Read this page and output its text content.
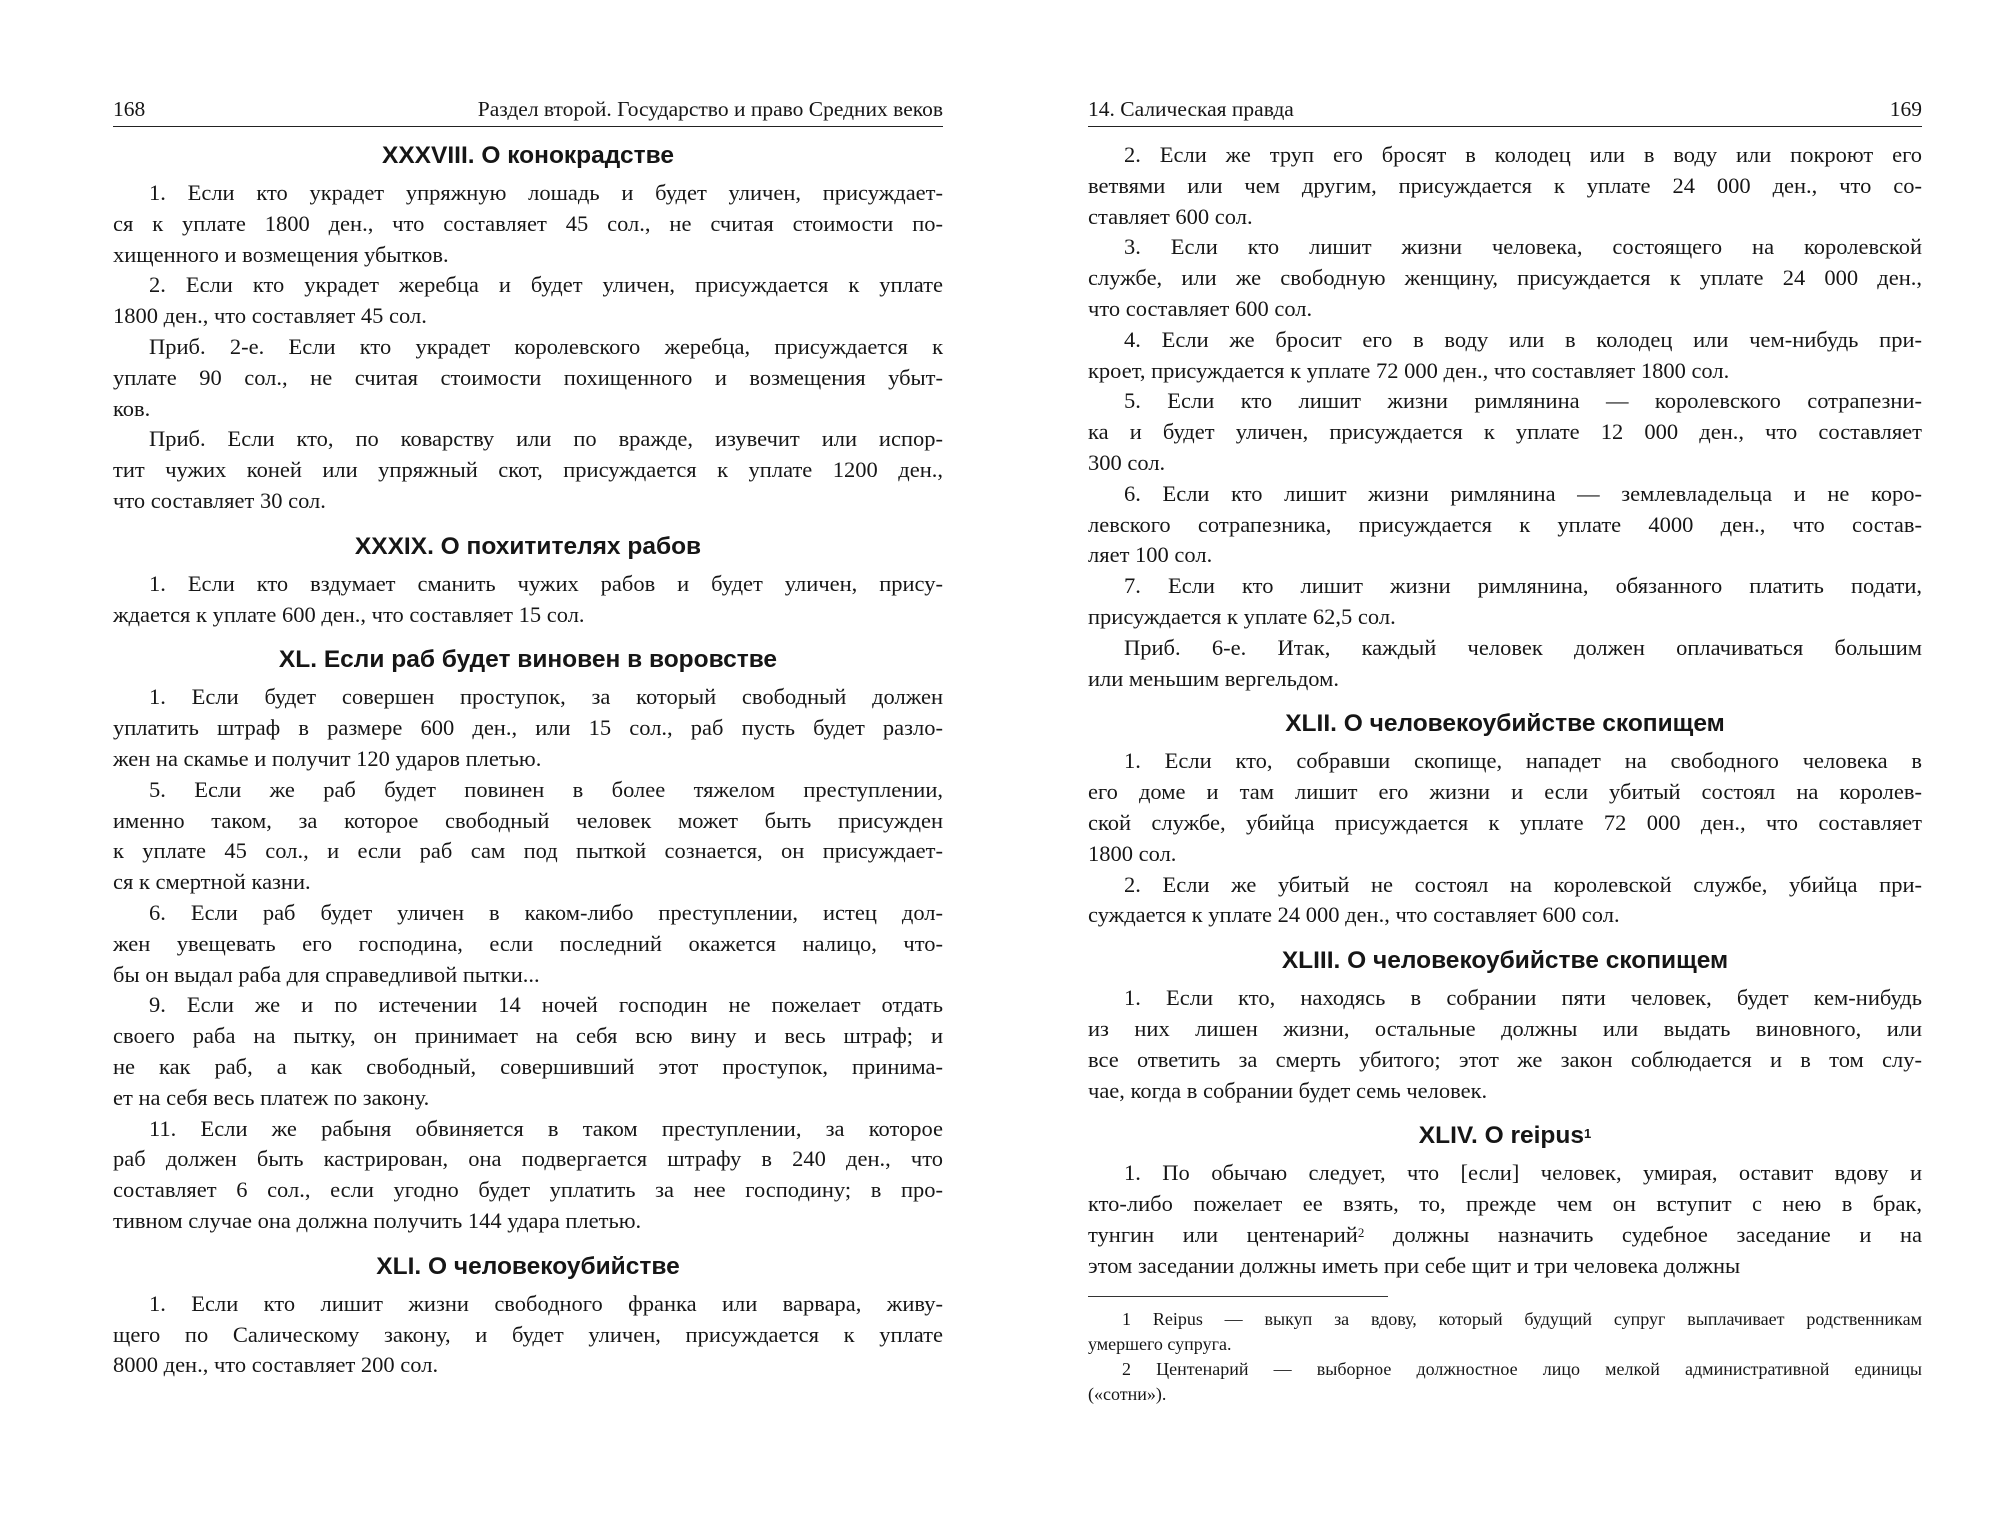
168	Раздел второй. Государство и право Средних веков
XXXVIII. О конокрадстве
1. Если кто украдет упряжную лошадь и будет уличен, присуждает-
ся к уплате 1800 ден., что составляет 45 сол., не считая стоимости по-
хищенного и возмещения убытков.
2. Если кто украдет жеребца и будет уличен, присуждается к уплате
1800 ден., что составляет 45 сол.
Приб. 2-е. Если кто украдет королевского жеребца, присуждается к
уплате 90 сол., не считая стоимости похищенного и возмещения убыт-
ков.
Приб. Если кто, по коварству или по вражде, изувечит или испор-
тит чужих коней или упряжный скот, присуждается к уплате 1200 ден.,
что составляет 30 сол.
XXXIX. О похитителях рабов
1. Если кто вздумает сманить чужих рабов и будет уличен, прису-
ждается к уплате 600 ден., что составляет 15 сол.
XL. Если раб будет виновен в воровстве
1. Если будет совершен проступок, за который свободный должен
уплатить штраф в размере 600 ден., или 15 сол., раб пусть будет разло-
жен на скамье и получит 120 ударов плетью.
5. Если же раб будет повинен в более тяжелом преступлении,
именно таком, за которое свободный человек может быть присужден
к уплате 45 сол., и если раб сам под пыткой сознается, он присуждает-
ся к смертной казни.
6. Если раб будет уличен в каком-либо преступлении, истец дол-
жен увещевать его господина, если последний окажется налицо, что-
бы он выдал раба для справедливой пытки...
9. Если же и по истечении 14 ночей господин не пожелает отдать
своего раба на пытку, он принимает на себя всю вину и весь штраф; и
не как раб, а как свободный, совершивший этот проступок, принима-
ет на себя весь платеж по закону.
11. Если же рабыня обвиняется в таком преступлении, за которое
раб должен быть кастрирован, она подвергается штрафу в 240 ден., что
составляет 6 сол., если угодно будет уплатить за нее господину; в про-
тивном случае она должна получить 144 удара плетью.
XLI. О человекоубийстве
1. Если кто лишит жизни свободного франка или варвара, живу-
щего по Салическому закону, и будет уличен, присуждается к уплате
8000 ден., что составляет 200 сол.
14. Салическая правда	169
2. Если же труп его бросят в колодец или в воду или покроют его
ветвями или чем другим, присуждается к уплате 24 000 ден., что со-
ставляет 600 сол.
3. Если кто лишит жизни человека, состоящего на королевской
службе, или же свободную женщину, присуждается к уплате 24 000 ден.,
что составляет 600 сол.
4. Если же бросит его в воду или в колодец или чем-нибудь при-
кроет, присуждается к уплате 72 000 ден., что составляет 1800 сол.
5. Если кто лишит жизни римлянина — королевского сотрапезни-
ка и будет уличен, присуждается к уплате 12 000 ден., что составляет
300 сол.
6. Если кто лишит жизни римлянина — землевладельца и не коро-
левского сотрапезника, присуждается к уплате 4000 ден., что состав-
ляет 100 сол.
7. Если кто лишит жизни римлянина, обязанного платить подати,
присуждается к уплате 62,5 сол.
Приб. 6-е. Итак, каждый человек должен оплачиваться большим
или меньшим вергельдом.
XLII. О человекоубийстве скопищем
1. Если кто, собравши скопище, нападет на свободного человека в
его доме и там лишит его жизни и если убитый состоял на королев-
ской службе, убийца присуждается к уплате 72 000 ден., что составляет
1800 сол.
2. Если же убитый не состоял на королевской службе, убийца при-
суждается к уплате 24 000 ден., что составляет 600 сол.
XLIII. О человекоубийстве скопищем
1. Если кто, находясь в собрании пяти человек, будет кем-нибудь
из них лишен жизни, остальные должны или выдать виновного, или
все ответить за смерть убитого; этот же закон соблюдается и в том слу-
чае, когда в собрании будет семь человек.
XLIV. О reipus$^1$
1. По обычаю следует, что [если] человек, умирая, оставит вдову и
кто-либо пожелает ее взять, то, прежде чем он вступит с нею в брак,
тунгин или центенарий$^2$ должны назначить судебное заседание и на
этом заседании должны иметь при себе щит и три человека должны
1 Reipus — выкуп за вдову, который будущий супруг выплачивает родственникам
умершего супруга.
2 Центенарий — выборное должностное лицо мелкой административной единицы
(«сотни»).
